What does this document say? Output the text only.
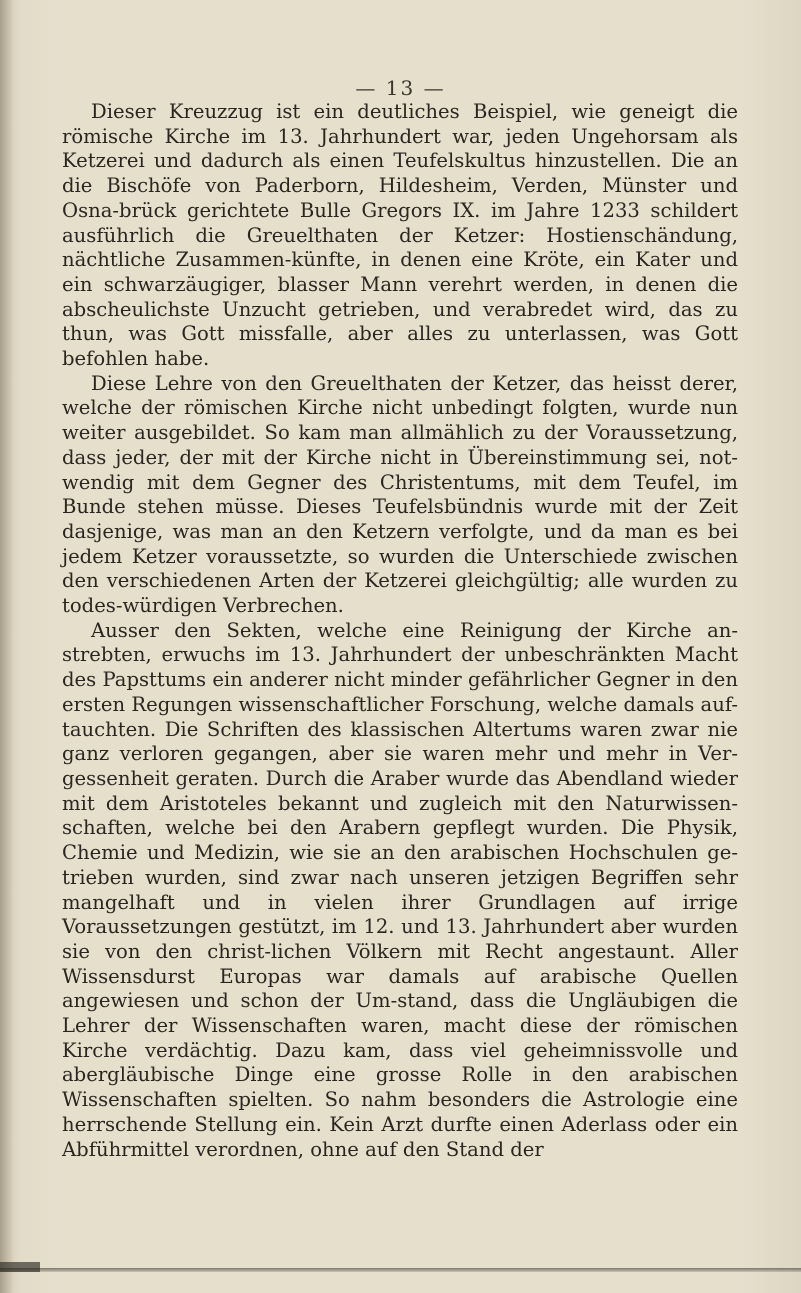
— 13 —

Dieser Kreuzzug ist ein deutliches Beispiel, wie geneigt die römische Kirche im 13. Jahrhundert war, jeden Ungehorsam als Ketzerei und dadurch als einen Teufelskultus hinzustellen. Die an die Bischöfe von Paderborn, Hildesheim, Verden, Münster und Osna-brück gerichtete Bulle Gregors IX. im Jahre 1233 schildert ausführlich die Greuelthaten der Ketzer: Hostienschändung, nächtliche Zusammen-künfte, in denen eine Kröte, ein Kater und ein schwarzäugiger, blasser Mann verehrt werden, in denen die abscheulichste Unzucht getrieben, und verabredet wird, das zu thun, was Gott missfalle, aber alles zu unterlassen, was Gott befohlen habe.

Diese Lehre von den Greuelthaten der Ketzer, das heisst derer, welche der römischen Kirche nicht unbedingt folgten, wurde nun weiter ausgebildet. So kam man allmählich zu der Voraussetzung, dass jeder, der mit der Kirche nicht in Übereinstimmung sei, not-wendig mit dem Gegner des Christentums, mit dem Teufel, im Bunde stehen müsse. Dieses Teufelsbündnis wurde mit der Zeit dasjenige, was man an den Ketzern verfolgte, und da man es bei jedem Ketzer voraussetzte, so wurden die Unterschiede zwischen den verschiedenen Arten der Ketzerei gleichgültig; alle wurden zu todes-würdigen Verbrechen.

Ausser den Sekten, welche eine Reinigung der Kirche an-strebten, erwuchs im 13. Jahrhundert der unbeschränkten Macht des Papsttums ein anderer nicht minder gefährlicher Gegner in den ersten Regungen wissenschaftlicher Forschung, welche damals auf-tauchten. Die Schriften des klassischen Altertums waren zwar nie ganz verloren gegangen, aber sie waren mehr und mehr in Ver-gessenheit geraten. Durch die Araber wurde das Abendland wieder mit dem Aristoteles bekannt und zugleich mit den Naturwissen-schaften, welche bei den Arabern gepflegt wurden. Die Physik, Chemie und Medizin, wie sie an den arabischen Hochschulen ge-trieben wurden, sind zwar nach unseren jetzigen Begriffen sehr mangelhaft und in vielen ihrer Grundlagen auf irrige Voraussetzungen gestützt, im 12. und 13. Jahrhundert aber wurden sie von den christ-lichen Völkern mit Recht angestaunt. Aller Wissensdurst Europas war damals auf arabische Quellen angewiesen und schon der Um-stand, dass die Ungläubigen die Lehrer der Wissenschaften waren, macht diese der römischen Kirche verdächtig. Dazu kam, dass viel geheimnissvolle und abergläubische Dinge eine grosse Rolle in den arabischen Wissenschaften spielten. So nahm besonders die Astrologie eine herrschende Stellung ein. Kein Arzt durfte einen Aderlass oder ein Abführmittel verordnen, ohne auf den Stand der
